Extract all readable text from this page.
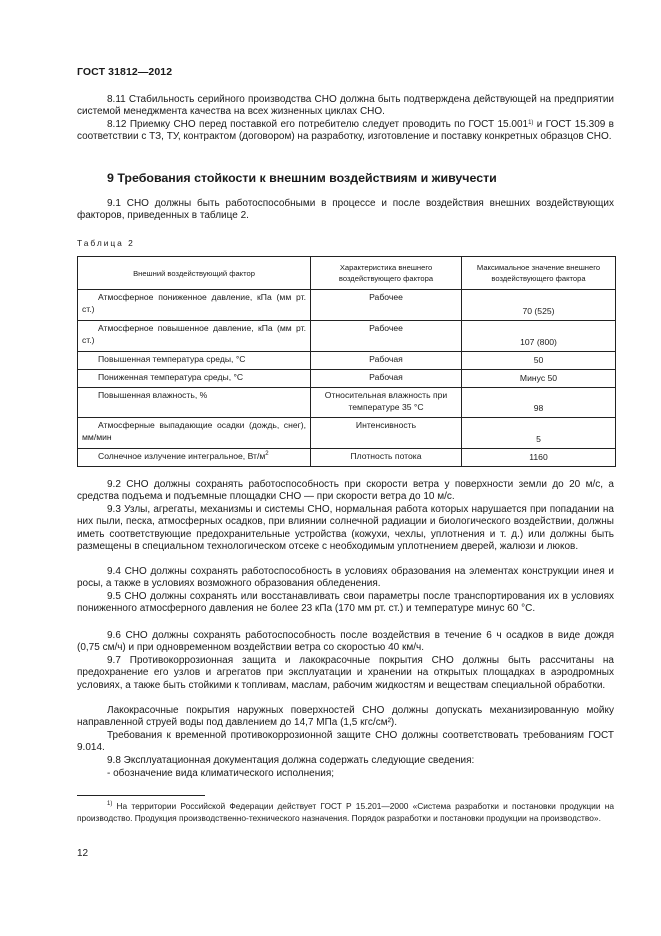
ГОСТ 31812—2012

8.11 Стабильность серийного производства СНО должна быть подтверждена действующей на предприятии системой менеджмента качества на всех жизненных циклах СНО.

8.12 Приемку СНО перед поставкой его потребителю следует проводить по ГОСТ 15.001$^{1)}$ и ГОСТ 15.309 в соответствии с ТЗ, ТУ, контрактом (договором) на разработку, изготовление и поставку конкретных образцов СНО.

9 Требования стойкости к внешним воздействиям и живучести

9.1 СНО должны быть работоспособными в процессе и после воздействия внешних воздействующих факторов, приведенных в таблице 2.

Таблица 2
Внешний воздействующий фактор	Характеристика внешнего воздействующего фактора	Максимальное значение внешнего воздействующего фактора
Атмосферное пониженное давление, кПа (мм рт. ст.)	Рабочее	70 (525)
Атмосферное повышенное давление, кПа (мм рт. ст.)	Рабочее	107 (800)
Повышенная температура среды, °С	Рабочая	50
Пониженная температура среды, °С	Рабочая	Минус 50
Повышенная влажность, %	Относительная влажность при температуре 35 °С	98
Атмосферные выпадающие осадки (дождь, снег), мм/мин	Интенсивность	5
Солнечное излучение интегральное, $Вт/м^2$	Плотность потока	1160

9.2 СНО должны сохранять работоспособность при скорости ветра у поверхности земли до 20 м/с, а средства подъема и подъемные площадки СНО — при скорости ветра до 10 м/с.

9.3 Узлы, агрегаты, механизмы и системы СНО, нормальная работа которых нарушается при попадании на них пыли, песка, атмосферных осадков, при влиянии солнечной радиации и биологического воздействии, должны иметь соответствующие предохранительные устройства (кожухи, чехлы, уплотнения и т. д.) или должны быть размещены в специальном технологическом отсеке с необходимым уплотнением дверей, жалюзи и люков.

9.4 СНО должны сохранять работоспособность в условиях образования на элементах конструкции инея и росы, а также в условиях возможного образования обледенения.

9.5 СНО должны сохранять или восстанавливать свои параметры после транспортирования их в условиях пониженного атмосферного давления не более 23 кПа (170 мм рт. ст.) и температуре минус 60 °С.

9.6 СНО должны сохранять работоспособность после воздействия в течение 6 ч осадков в виде дождя (0,75 см/ч) и при одновременном воздействии ветра со скоростью 40 км/ч.

9.7 Противокоррозионная защита и лакокрасочные покрытия СНО должны быть рассчитаны на предохранение его узлов и агрегатов при эксплуатации и хранении на открытых площадках в аэродромных условиях, а также быть стойкими к топливам, маслам, рабочим жидкостям и веществам специальной обработки.

Лакокрасочные покрытия наружных поверхностей СНО должны допускать механизированную мойку направленной струей воды под давлением до 14,7 МПа (1,5 кгс/см²).

Требования к временной противокоррозионной защите СНО должны соответствовать требованиям ГОСТ 9.014.

9.8 Эксплуатационная документация должна содержать следующие сведения:

- обозначение вида климатического исполнения;

$^{1)}$ На территории Российской Федерации действует ГОСТ Р 15.201—2000 «Система разработки и постановки продукции на производство. Продукция производственно-технического назначения. Порядок разработки и постановки продукции на производство».

12
